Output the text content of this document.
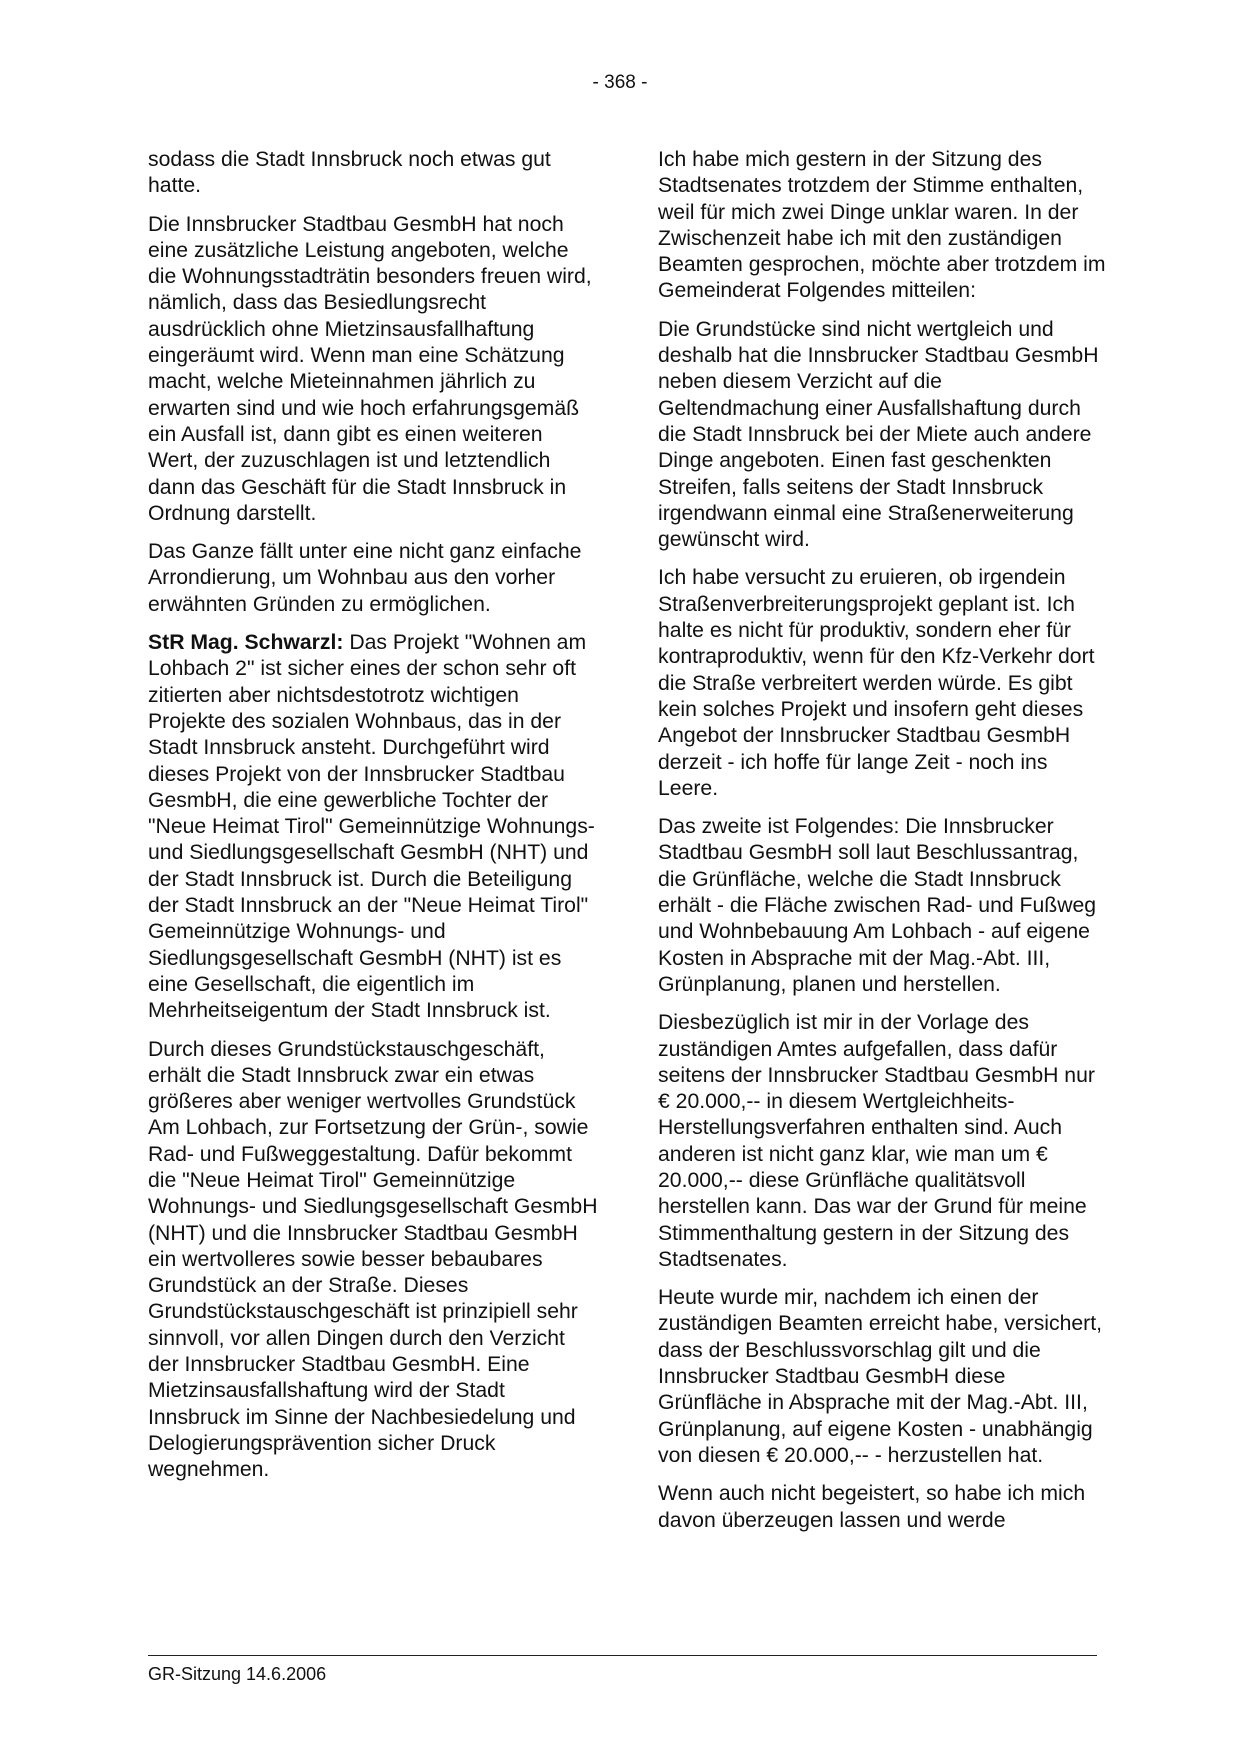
- 368 -

sodass die Stadt Innsbruck noch etwas gut hatte.

Die Innsbrucker Stadtbau GesmbH hat noch eine zusätzliche Leistung angeboten, welche die Wohnungsstadträtin besonders freuen wird, nämlich, dass das Besiedlungsrecht ausdrücklich ohne Mietzinsausfallhaftung eingeräumt wird. Wenn man eine Schätzung macht, welche Mieteinnahmen jährlich zu erwarten sind und wie hoch erfahrungsgemäß ein Ausfall ist, dann gibt es einen weiteren Wert, der zuzuschlagen ist und letztendlich dann das Geschäft für die Stadt Innsbruck in Ordnung darstellt.

Das Ganze fällt unter eine nicht ganz einfache Arrondierung, um Wohnbau aus den vorher erwähnten Gründen zu ermöglichen.

StR Mag. Schwarzl: Das Projekt "Wohnen am Lohbach 2" ist sicher eines der schon sehr oft zitierten aber nichtsdestotrotz wichtigen Projekte des sozialen Wohnbaus, das in der Stadt Innsbruck ansteht. Durchgeführt wird dieses Projekt von der Innsbrucker Stadtbau GesmbH, die eine gewerbliche Tochter der "Neue Heimat Tirol" Gemeinnützige Wohnungs- und Siedlungsgesellschaft GesmbH (NHT) und der Stadt Innsbruck ist. Durch die Beteiligung der Stadt Innsbruck an der "Neue Heimat Tirol" Gemeinnützige Wohnungs- und Siedlungsgesellschaft GesmbH (NHT) ist es eine Gesellschaft, die eigentlich im Mehrheitseigentum der Stadt Innsbruck ist.

Durch dieses Grundstückstauschgeschäft, erhält die Stadt Innsbruck zwar ein etwas größeres aber weniger wertvolles Grundstück Am Lohbach, zur Fortsetzung der Grün-, sowie Rad- und Fußweggestaltung. Dafür bekommt die "Neue Heimat Tirol" Gemeinnützige Wohnungs- und Siedlungsgesellschaft GesmbH (NHT) und die Innsbrucker Stadtbau GesmbH ein wertvolleres sowie besser bebaubares Grundstück an der Straße. Dieses Grundstückstauschgeschäft ist prinzipiell sehr sinnvoll, vor allen Dingen durch den Verzicht der Innsbrucker Stadtbau GesmbH. Eine Mietzinsausfallshaftung wird der Stadt Innsbruck im Sinne der Nachbesiedelung und Delogierungsprävention sicher Druck wegnehmen.

Ich habe mich gestern in der Sitzung des Stadtsenates trotzdem der Stimme enthalten, weil für mich zwei Dinge unklar waren. In der Zwischenzeit habe ich mit den zuständigen Beamten gesprochen, möchte aber trotzdem im Gemeinderat Folgendes mitteilen:

Die Grundstücke sind nicht wertgleich und deshalb hat die Innsbrucker Stadtbau GesmbH neben diesem Verzicht auf die Geltendmachung einer Ausfallshaftung durch die Stadt Innsbruck bei der Miete auch andere Dinge angeboten. Einen fast geschenkten Streifen, falls seitens der Stadt Innsbruck irgendwann einmal eine Straßenerweiterung gewünscht wird.

Ich habe versucht zu eruieren, ob irgendein Straßenverbreiterungsprojekt geplant ist. Ich halte es nicht für produktiv, sondern eher für kontraproduktiv, wenn für den Kfz-Verkehr dort die Straße verbreitert werden würde. Es gibt kein solches Projekt und insofern geht dieses Angebot der Innsbrucker Stadtbau GesmbH derzeit - ich hoffe für lange Zeit - noch ins Leere.

Das zweite ist Folgendes: Die Innsbrucker Stadtbau GesmbH soll laut Beschlussantrag, die Grünfläche, welche die Stadt Innsbruck erhält - die Fläche zwischen Rad- und Fußweg und Wohnbebauung Am Lohbach - auf eigene Kosten in Absprache mit der Mag.-Abt. III, Grünplanung, planen und herstellen.

Diesbezüglich ist mir in der Vorlage des zuständigen Amtes aufgefallen, dass dafür seitens der Innsbrucker Stadtbau GesmbH nur € 20.000,-- in diesem Wertgleichheits-Herstellungsverfahren enthalten sind. Auch anderen ist nicht ganz klar, wie man um € 20.000,-- diese Grünfläche qualitätsvoll herstellen kann. Das war der Grund für meine Stimmenthaltung gestern in der Sitzung des Stadtsenates.

Heute wurde mir, nachdem ich einen der zuständigen Beamten erreicht habe, versichert, dass der Beschlussvorschlag gilt und die Innsbrucker Stadtbau GesmbH diese Grünfläche in Absprache mit der Mag.-Abt. III, Grünplanung, auf eigene Kosten - unabhängig von diesen € 20.000,-- - herzustellen hat.

Wenn auch nicht begeistert, so habe ich mich davon überzeugen lassen und werde

GR-Sitzung 14.6.2006
